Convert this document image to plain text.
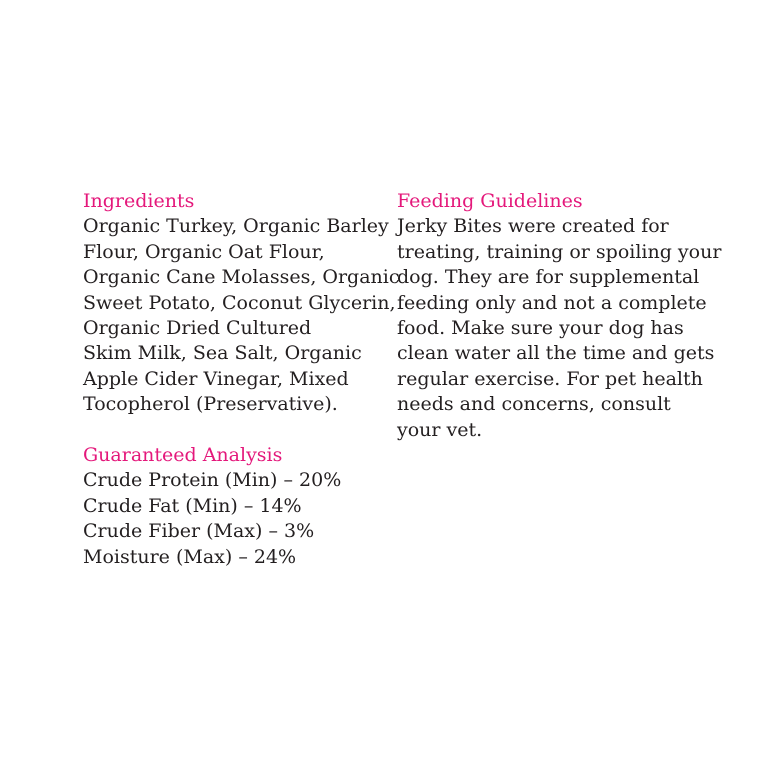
Ingredients
Organic Turkey, Organic Barley
Flour, Organic Oat Flour,
Organic Cane Molasses, Organic
Sweet Potato, Coconut Glycerin,
Organic Dried Cultured
Skim Milk, Sea Salt, Organic
Apple Cider Vinegar, Mixed
Tocopherol (Preservative).
Guaranteed Analysis
Crude Protein (Min) – 20%
Crude Fat (Min) – 14%
Crude Fiber (Max) – 3%
Moisture (Max) – 24%
Feeding Guidelines
Jerky Bites were created for
treating, training or spoiling your
dog. They are for supplemental
feeding only and not a complete
food. Make sure your dog has
clean water all the time and gets
regular exercise. For pet health
needs and concerns, consult
your vet.
